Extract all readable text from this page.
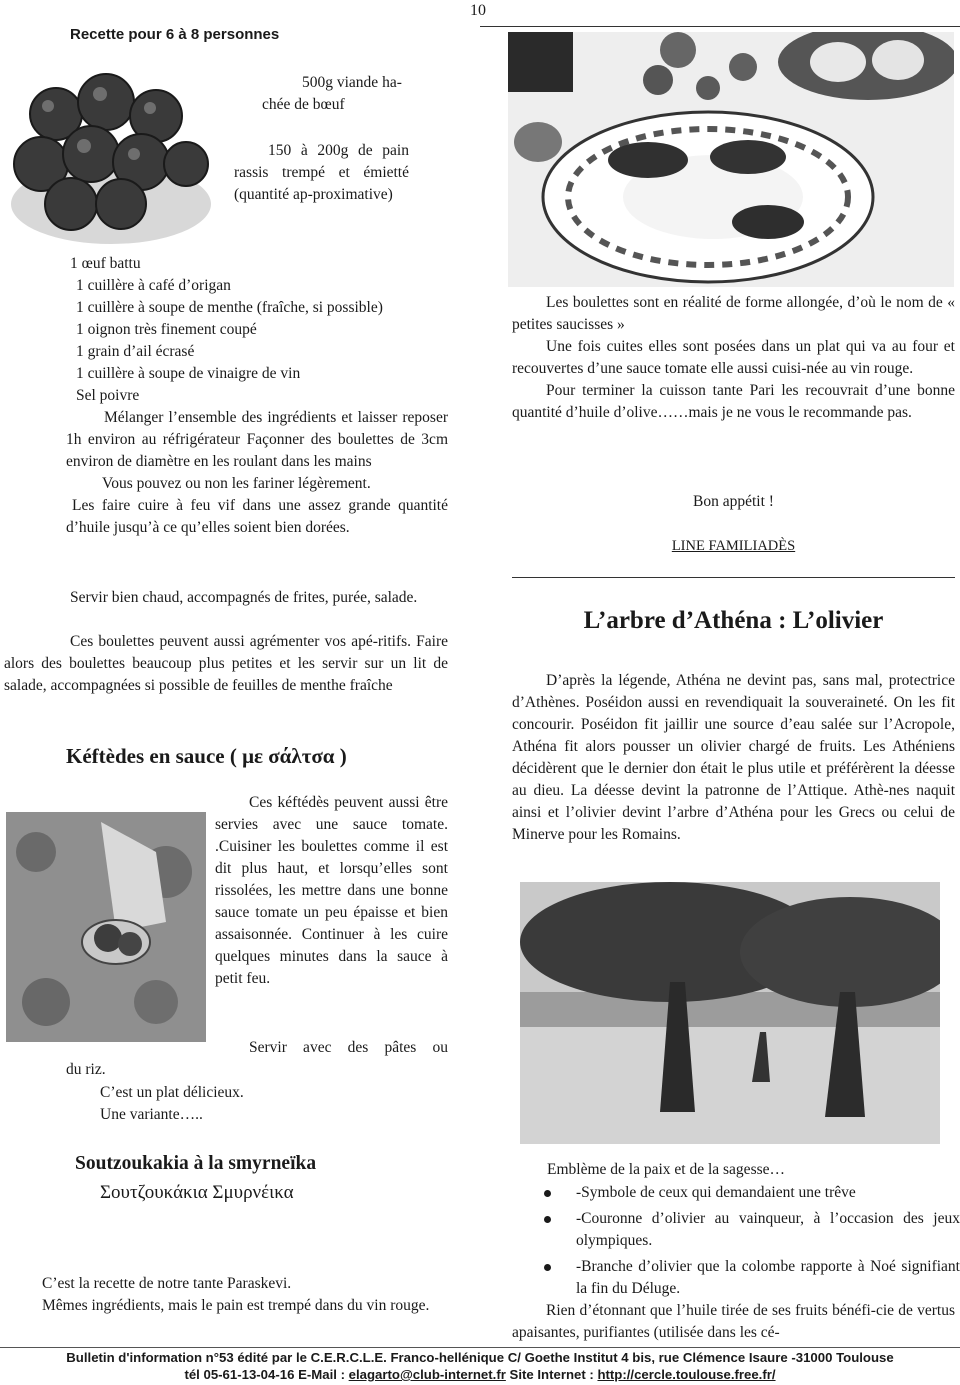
10
Recette pour 6 à 8 personnes

500g viande ha-

chée de bœuf

150 à 200g de pain rassis trempé et émietté (quantité ap-proximative)

1 œuf battu

1 cuillère à café d’origan

1 cuillère à soupe de menthe (fraîche, si possible)

1 oignon très finement coupé

1 grain d’ail écrasé

1 cuillère à soupe de vinaigre de vin

Sel poivre

Mélanger l’ensemble des ingrédients et laisser reposer 1h environ au réfrigérateur Façonner des boulettes de 3cm environ de diamètre en les roulant dans les mains

Vous pouvez ou non les fariner légèrement.

Les faire cuire à feu vif dans une assez grande quantité d’huile jusqu’à ce qu’elles soient bien dorées.

Servir bien chaud, accompagnés de frites, purée, salade.
Ces boulettes peuvent aussi agrémenter vos apé-ritifs. Faire alors des boulettes beaucoup plus petites et les servir sur un lit de salade, accompagnées si possible de feuilles de menthe fraîche
Kéftèdes en sauce ( με σάλτσα )
Ces kéftédès peuvent aussi être servies avec une sauce tomate. .Cuisiner les boulettes comme il est dit plus haut, et lorsqu’elles sont rissolées, les mettre dans une bonne sauce tomate un peu épaisse et bien assaisonnée. Continuer à les cuire quelques minutes dans la sauce à petit feu.
Servir avec des pâtes ou
du riz.
C’est un plat délicieux.
Une variante…..
Soutzoukakia à la smyrneïka
Σουτζουκάκια Σμυρνέικα
C’est la recette de notre tante Paraskevi.
Mêmes ingrédients, mais le pain est trempé dans du vin rouge.

Les boulettes sont en réalité de forme allongée, d’où le nom de « petites saucisses »

Une fois cuites elles sont posées dans un plat qui va au four et recouvertes d’une sauce tomate elle aussi cuisi-née au vin rouge.

Pour terminer la cuisson tante Pari les recouvrait d’une bonne quantité d’huile d’olive……mais je ne vous le recommande pas.

Bon appétit !
LINE FAMILIADÈS
L’arbre d’Athéna : L’olivier
D’après la légende, Athéna ne devint pas, sans mal, protectrice d’Athènes. Poséidon aussi en revendiquait la souveraineté. On les fit concourir. Poséidon fit jaillir une source d’eau salée sur l’Acropole, Athéna fit alors pousser un olivier chargé de fruits. Les Athéniens décidèrent que le dernier don était le plus utile et préférèrent la déesse au dieu. La déesse devint la patronne de l’Attique. Athè-nes naquit ainsi et l’olivier devint l’arbre d’Athéna pour les Grecs ou celui de Minerve pour les Romains.
Emblème de la paix et de la sagesse…
-Symbole de ceux qui demandaient une trêve
-Couronne d’olivier au vainqueur, à l’occasion des jeux olympiques.
-Branche d’olivier que la colombe rapporte à Noé signifiant la fin du Déluge.
Rien d’étonnant que l’huile tirée de ses fruits bénéfi-cie de vertus apaisantes, purifiantes (utilisée dans les cé-
Bulletin d'information n°53 édité par le C.E.R.C.L.E. Franco-hellénique C/ Goethe Institut 4 bis, rue Clémence Isaure -31000 Toulouse
tél 05-61-13-04-16 E-Mail : elagarto@club-internet.fr Site Internet : http://cercle.toulouse.free.fr/
